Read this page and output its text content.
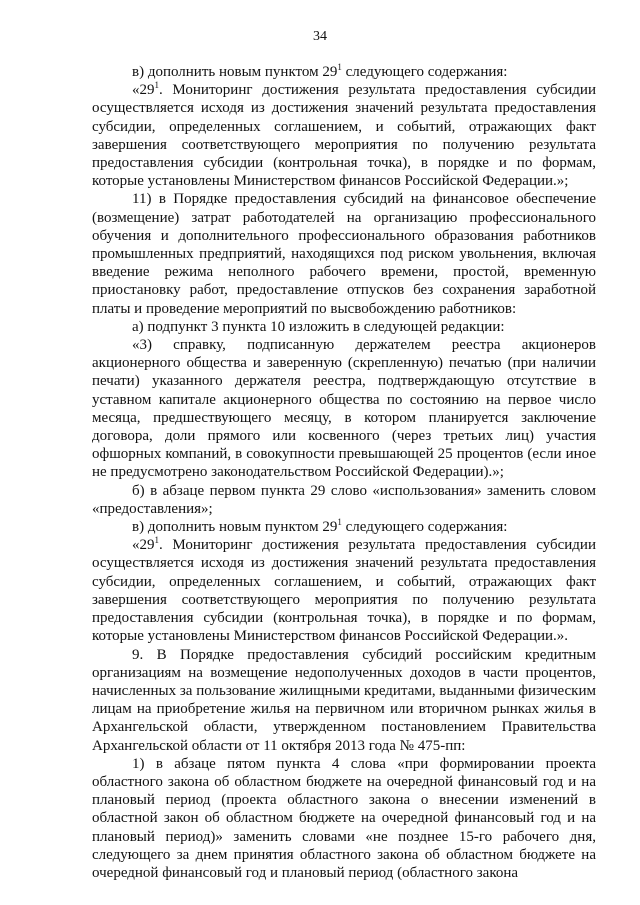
34

в) дополнить новым пунктом $29^1$ следующего содержания:

«$29^1$. Мониторинг достижения результата предоставления субсидии осуществляется исходя из достижения значений результата предоставления субсидии, определенных соглашением, и событий, отражающих факт завершения соответствующего мероприятия по получению результата предоставления субсидии (контрольная точка), в порядке и по формам, которые установлены Министерством финансов Российской Федерации.»;

11) в Порядке предоставления субсидий на финансовое обеспечение (возмещение) затрат работодателей на организацию профессионального обучения и дополнительного профессионального образования работников промышленных предприятий, находящихся под риском увольнения, включая введение режима неполного рабочего времени, простой, временную приостановку работ, предоставление отпусков без сохранения заработной платы и проведение мероприятий по высвобождению работников:

а) подпункт 3 пункта 10 изложить в следующей редакции:

«3) справку, подписанную держателем реестра акционеров акционерного общества и заверенную (скрепленную) печатью (при наличии печати) указанного держателя реестра, подтверждающую отсутствие в уставном капитале акционерного общества по состоянию на первое число месяца, предшествующего месяцу, в котором планируется заключение договора, доли прямого или косвенного (через третьих лиц) участия офшорных компаний, в совокупности превышающей 25 процентов (если иное не предусмотрено законодательством Российской Федерации).»;

б) в абзаце первом пункта 29 слово «использования» заменить словом «предоставления»;

в) дополнить новым пунктом $29^1$ следующего содержания:

«$29^1$. Мониторинг достижения результата предоставления субсидии осуществляется исходя из достижения значений результата предоставления субсидии, определенных соглашением, и событий, отражающих факт завершения соответствующего мероприятия по получению результата предоставления субсидии (контрольная точка), в порядке и по формам, которые установлены Министерством финансов Российской Федерации.».

9. В Порядке предоставления субсидий российским кредитным организациям на возмещение недополученных доходов в части процентов, начисленных за пользование жилищными кредитами, выданными физическим лицам на приобретение жилья на первичном или вторичном рынках жилья в Архангельской области, утвержденном постановлением Правительства Архангельской области от 11 октября 2013 года № 475-пп:

1) в абзаце пятом пункта 4 слова «при формировании проекта областного закона об областном бюджете на очередной финансовый год и на плановый период (проекта областного закона о внесении изменений в областной закон об областном бюджете на очередной финансовый год и на плановый период)» заменить словами «не позднее 15-го рабочего дня, следующего за днем принятия областного закона об областном бюджете на очередной финансовый год и плановый период (областного закона
